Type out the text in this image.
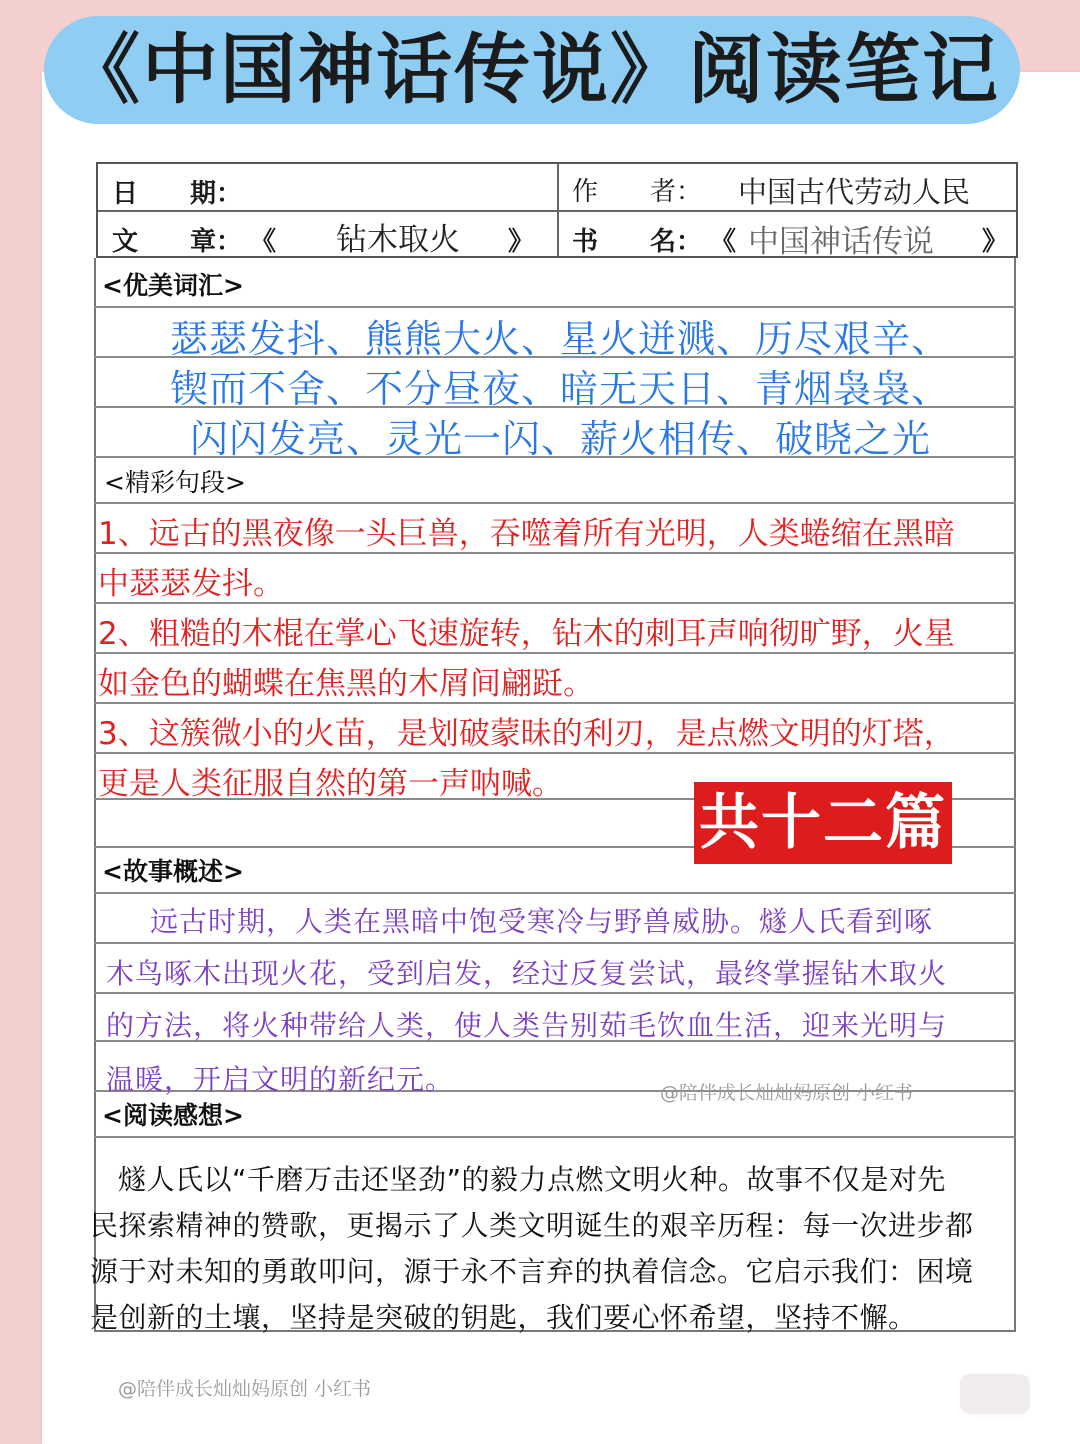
《中国神话传说》阅读笔记
日　　期：	作　　者： 中国古代劳动人民
文　　章： 《 钻木取火 》 书　　名： 《 中国神话传说 》
<优美词汇>
瑟瑟发抖、熊熊大火、星火迸溅、历尽艰辛、
锲而不舍、不分昼夜、暗无天日、青烟袅袅、
闪闪发亮、灵光一闪、薪火相传、破晓之光
<精彩句段>
1、远古的黑夜像一头巨兽，吞噬着所有光明，人类蜷缩在黑暗
中瑟瑟发抖。
2、粗糙的木棍在掌心飞速旋转，钻木的刺耳声响彻旷野，火星
如金色的蝴蝶在焦黑的木屑间翩跹。
3、这簇微小的火苗，是划破蒙昧的利刃，是点燃文明的灯塔，
更是人类征服自然的第一声呐喊。
共十二篇
<故事概述>
远古时期，人类在黑暗中饱受寒冷与野兽威胁。燧人氏看到啄
木鸟啄木出现火花，受到启发，经过反复尝试，最终掌握钻木取火
的方法，将火种带给人类，使人类告别茹毛饮血生活，迎来光明与
温暖，开启文明的新纪元。	@陪伴成长灿灿妈原创 小红书
<阅读感想>
燧人氏以“千磨万击还坚劲”的毅力点燃文明火种。故事不仅是对先
民探索精神的赞歌，更揭示了人类文明诞生的艰辛历程：每一次进步都
源于对未知的勇敢叩问，源于永不言弃的执着信念。它启示我们：困境
是创新的土壤，坚持是突破的钥匙，我们要心怀希望，坚持不懈。
@陪伴成长灿灿妈原创 小红书
